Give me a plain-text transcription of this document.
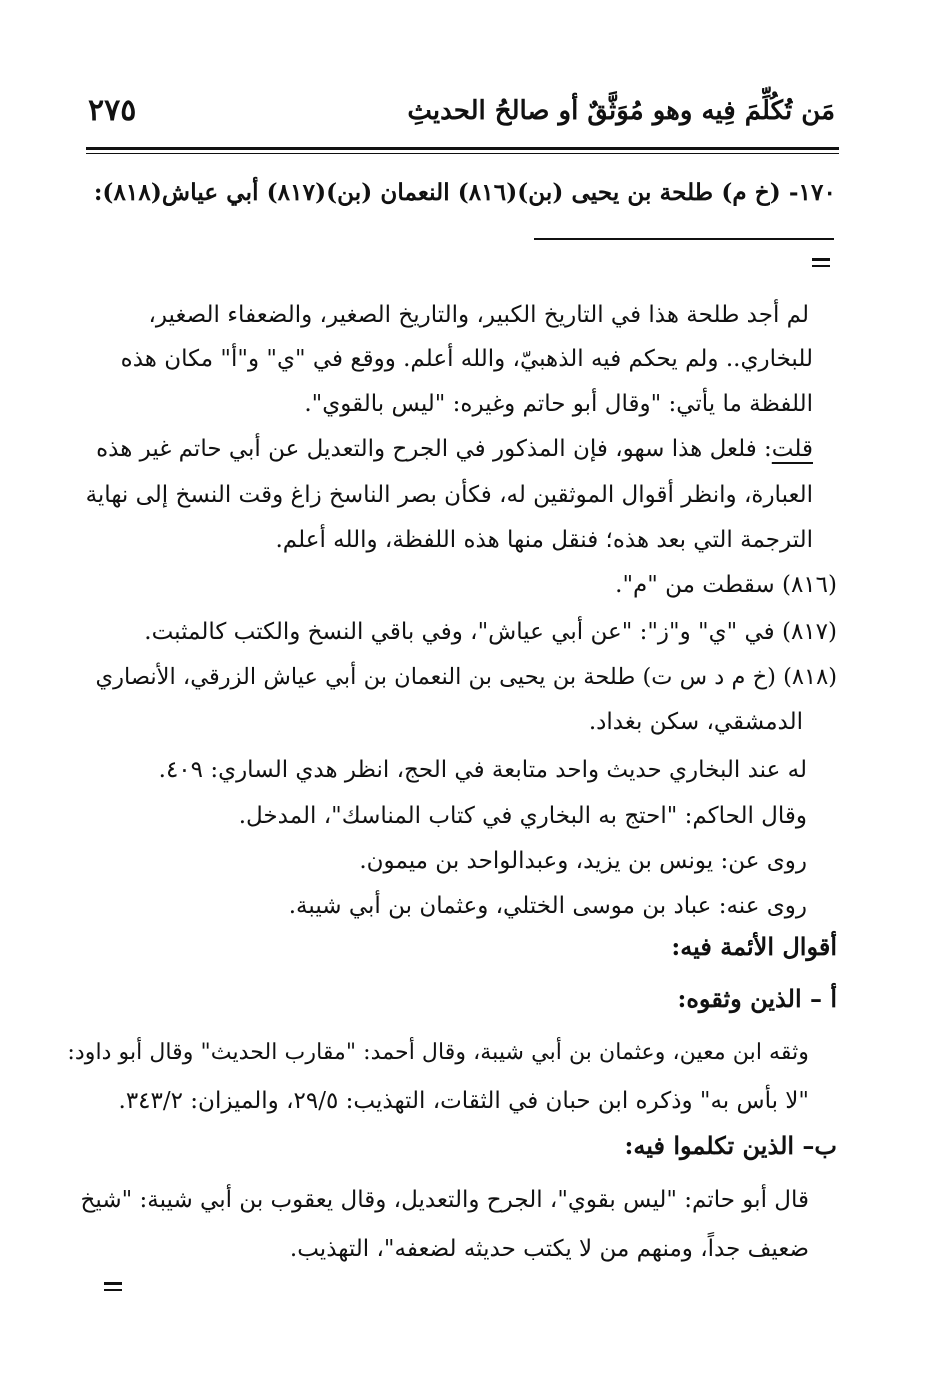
مَن تُكُلِّمَ فِيه وهو مُوَثَّقٌ أو صالحُ الحديثِ
٢٧٥
١٧٠- (خ م) طلحة بن يحيى (بن)(٨١٦) النعمان (بن)(٨١٧) أبي عياش(٨١٨):
لم أجد طلحة هذا في التاريخ الكبير، والتاريخ الصغير، والضعفاء الصغير،
للبخاري.. ولم يحكم فيه الذهبيّ، والله أعلم. ووقع في "ي" و"أ" مكان هذه
اللفظة ما يأتي: "وقال أبو حاتم وغيره: "ليس بالقوي".
قلت: فلعل هذا سهو، فإن المذكور في الجرح والتعديل عن أبي حاتم غير هذه
العبارة، وانظر أقوال الموثقين له، فكأن بصر الناسخ زاغ وقت النسخ إلى نهاية
الترجمة التي بعد هذه؛ فنقل منها هذه اللفظة، والله أعلم.
(٨١٦) سقطت من "م".
(٨١٧) في "ي" و"ز": "عن أبي عياش"، وفي باقي النسخ والكتب كالمثبت.
(٨١٨) (خ م د س ت) طلحة بن يحيى بن النعمان بن أبي عياش الزرقي، الأنصاري
الدمشقي، سكن بغداد.
له عند البخاري حديث واحد متابعة في الحج، انظر هدي الساري: ٤٠٩.
وقال الحاكم: "احتج به البخاري في كتاب المناسك"، المدخل.
روى عن: يونس بن يزيد، وعبدالواحد بن ميمون.
روى عنه: عباد بن موسى الختلي، وعثمان بن أبي شيبة.
أقوال الأئمة فيه:
أ – الذين وثقوه:
وثقه ابن معين، وعثمان بن أبي شيبة، وقال أحمد: "مقارب الحديث" وقال أبو داود:
"لا بأس به" وذكره ابن حبان في الثقات، التهذيب: ٢٩/٥، والميزان: ٣٤٣/٢.
ب– الذين تكلموا فيه:
قال أبو حاتم: "ليس بقوي"، الجرح والتعديل، وقال يعقوب بن أبي شيبة: "شيخ
ضعيف جداً، ومنهم من لا يكتب حديثه لضعفه"، التهذيب.
